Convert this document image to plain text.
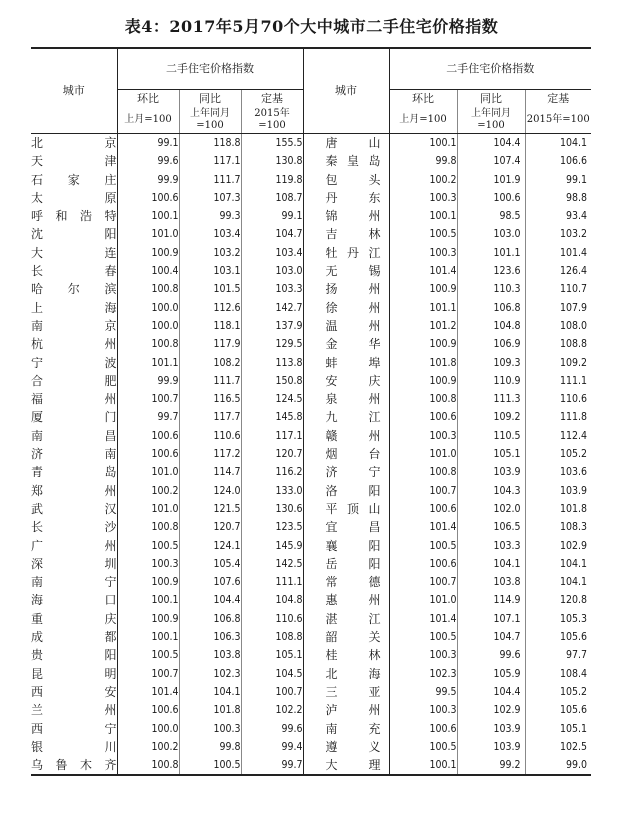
表4：2017年5月70个大中城市二手住宅价格指数

城市	二手住宅价格指数			城市	二手住宅价格指数		
	环比	同比	定基		环比	同比	定基
	上月=100	上年同月=100	2015年=100		上月=100	上年同月=100	2015年=100
北京	99.1	118.8	155.5	唐山	100.1	104.4	104.1
天津	99.6	117.1	130.8	秦皇岛	99.8	107.4	106.6
石家庄	99.9	111.7	119.8	包头	100.2	101.9	99.1
太原	100.6	107.3	108.7	丹东	100.3	100.6	98.8
呼和浩特	100.1	99.3	99.1	锦州	100.1	98.5	93.4
沈阳	101.0	103.4	104.7	吉林	100.5	103.0	103.2
大连	100.9	103.2	103.4	牡丹江	100.3	101.1	101.4
长春	100.4	103.1	103.0	无锡	101.4	123.6	126.4
哈尔滨	100.8	101.5	103.3	扬州	100.9	110.3	110.7
上海	100.0	112.6	142.7	徐州	101.1	106.8	107.9
南京	100.0	118.1	137.9	温州	101.2	104.8	108.0
杭州	100.8	117.9	129.5	金华	100.9	106.9	108.8
宁波	101.1	108.2	113.8	蚌埠	101.8	109.3	109.2
合肥	99.9	111.7	150.8	安庆	100.9	110.9	111.1
福州	100.7	116.5	124.5	泉州	100.8	111.3	110.6
厦门	99.7	117.7	145.8	九江	100.6	109.2	111.8
南昌	100.6	110.6	117.1	赣州	100.3	110.5	112.4
济南	100.6	117.2	120.7	烟台	101.0	105.1	105.2
青岛	101.0	114.7	116.2	济宁	100.8	103.9	103.6
郑州	100.2	124.0	133.0	洛阳	100.7	104.3	103.9
武汉	101.0	121.5	130.6	平顶山	100.6	102.0	101.8
长沙	100.8	120.7	123.5	宜昌	101.4	106.5	108.3
广州	100.5	124.1	145.9	襄阳	100.5	103.3	102.9
深圳	100.3	105.4	142.5	岳阳	100.6	104.1	104.1
南宁	100.9	107.6	111.1	常德	100.7	103.8	104.1
海口	100.1	104.4	104.8	惠州	101.0	114.9	120.8
重庆	100.9	106.8	110.6	湛江	101.4	107.1	105.3
成都	100.1	106.3	108.8	韶关	100.5	104.7	105.6
贵阳	100.5	103.8	105.1	桂林	100.3	99.6	97.7
昆明	100.7	102.3	104.5	北海	102.3	105.9	108.4
西安	101.4	104.1	100.7	三亚	99.5	104.4	105.2
兰州	100.6	101.8	102.2	泸州	100.3	102.9	105.6
西宁	100.0	100.3	99.6	南充	100.6	103.9	105.1
银川	100.2	99.8	99.4	遵义	100.5	103.9	102.5
乌鲁木齐	100.8	100.5	99.7	大理	100.1	99.2	99.0
